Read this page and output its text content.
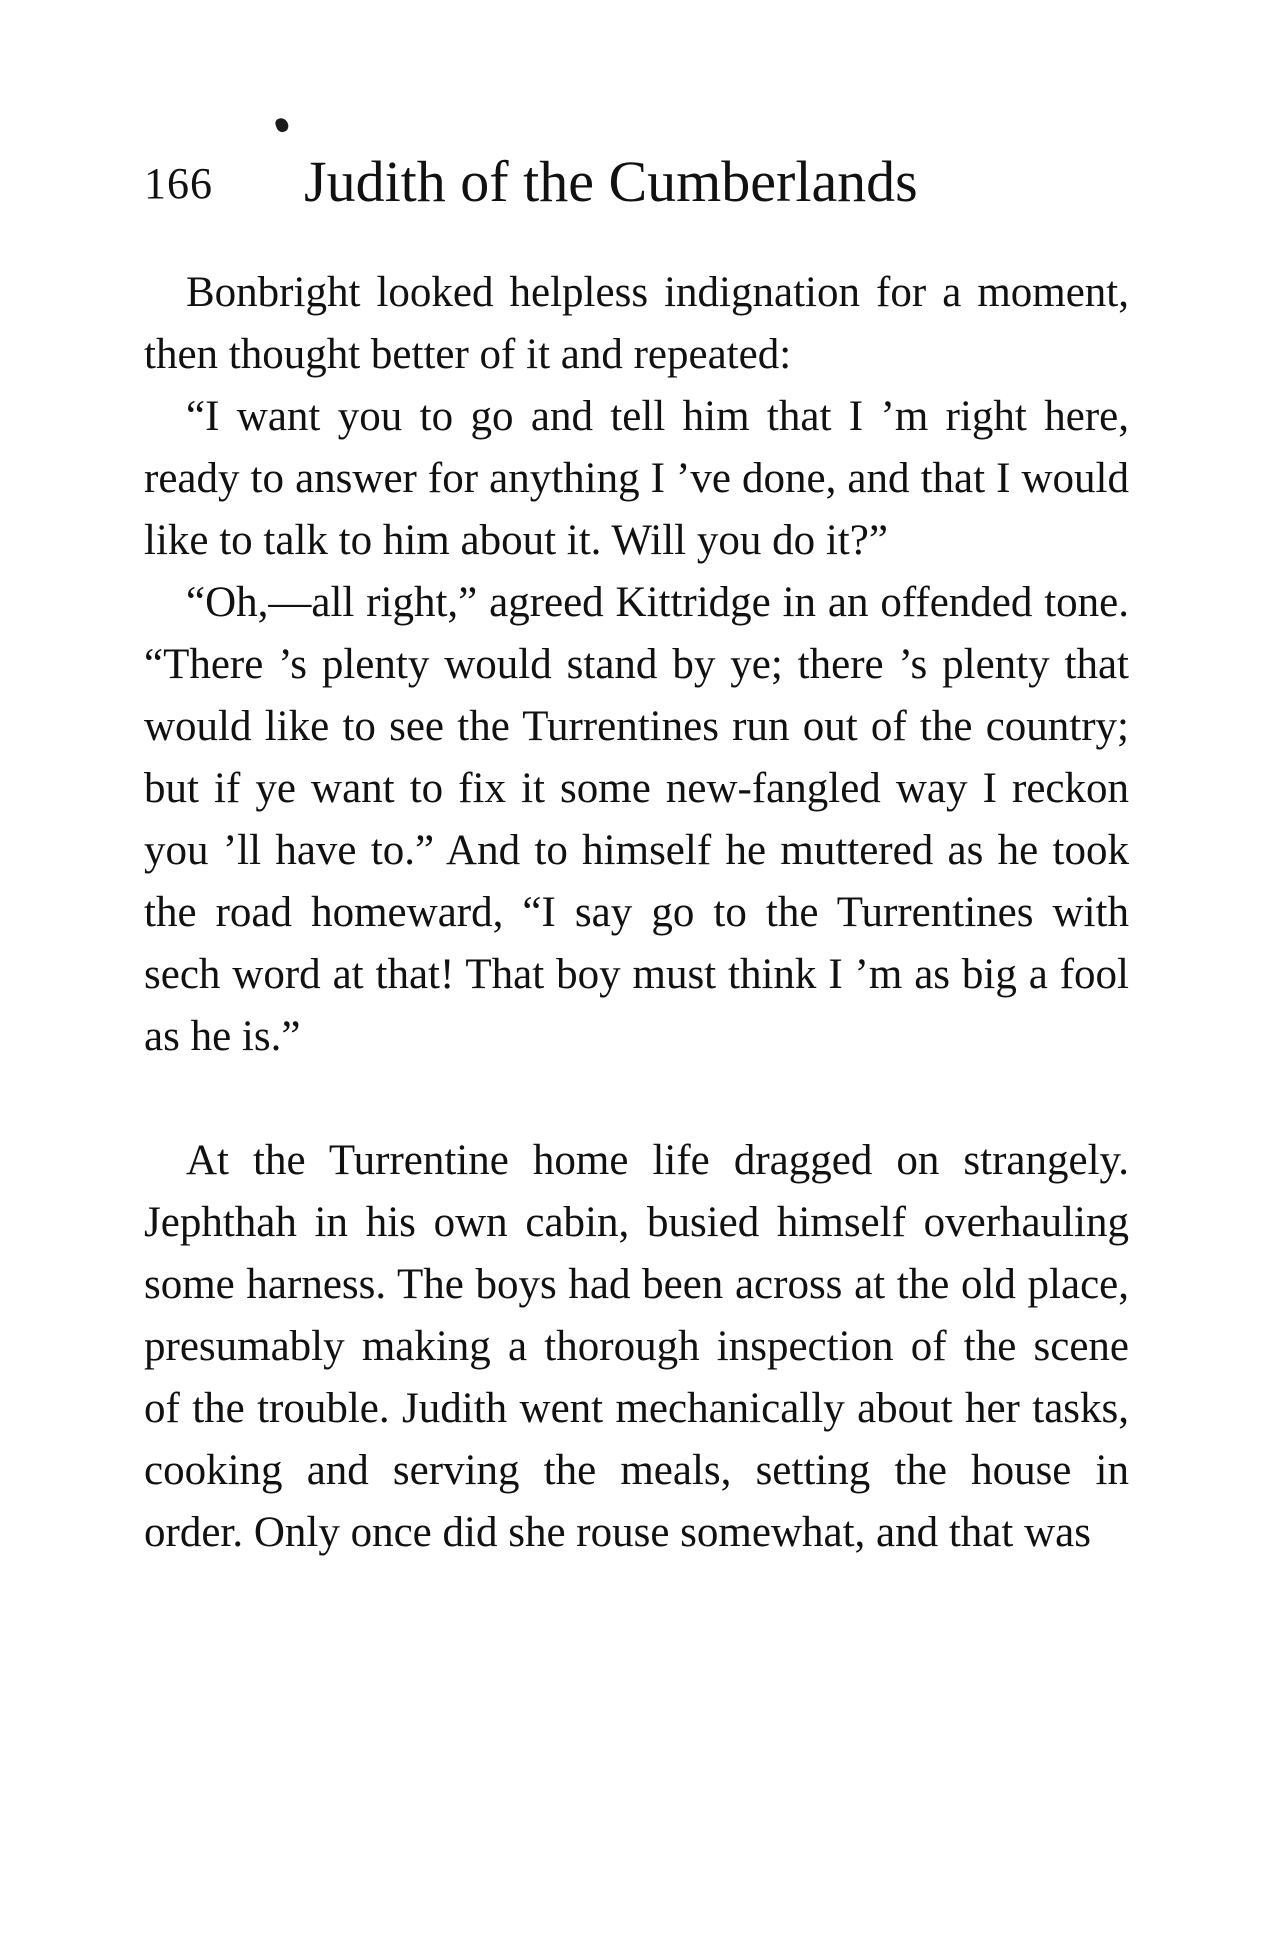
166 Judith of the Cumberlands

Bonbright looked helpless indignation for a moment, then thought better of it and repeated:

“I want you to go and tell him that I ’m right here, ready to answer for anything I ’ve done, and that I would like to talk to him about it. Will you do it?”

“Oh,—all right,” agreed Kittridge in an offended tone. “There ’s plenty would stand by ye; there ’s plenty that would like to see the Turrentines run out of the country; but if ye want to fix it some new-fangled way I reckon you ’ll have to.” And to himself he muttered as he took the road homeward, “I say go to the Turrentines with sech word at that! That boy must think I ’m as big a fool as he is.”

At the Turrentine home life dragged on strangely. Jephthah in his own cabin, busied himself overhauling some harness. The boys had been across at the old place, presumably making a thorough inspection of the scene of the trouble. Judith went mechanically about her tasks, cooking and serving the meals, setting the house in order. Only once did she rouse somewhat, and that was
